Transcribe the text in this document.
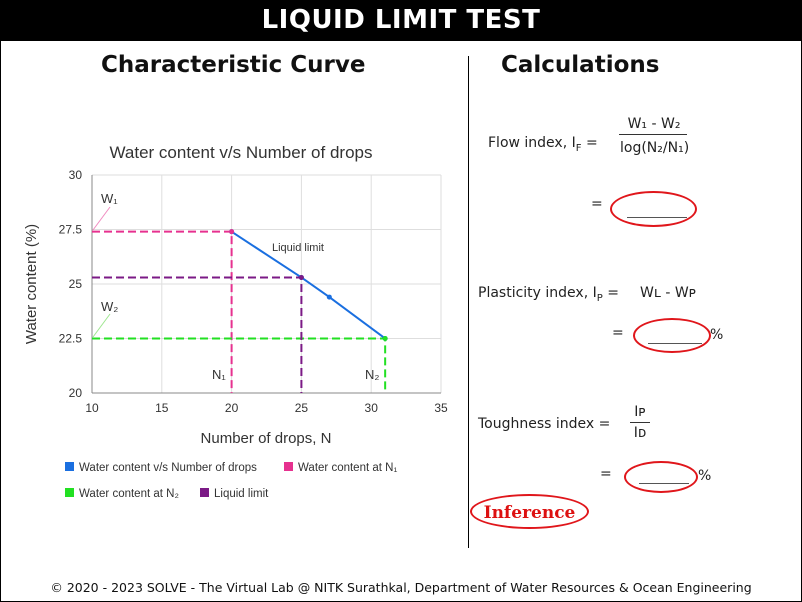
LIQUID LIMIT TEST
Characteristic Curve	Calculations
Water content v/s Number of drops
10	15	20	25	30	35
20
22.5
25
27.5
30
Number of drops, N
Water content (%)
W₁
W₂
N₁	N₂
Liquid limit
Water content v/s Number of drops	Water content at N₁
Water content at N₂	Liquid limit
Flow index, $I_F$ =
W₁ - W₂
log(N₂/N₁)
=
Plasticity index, $I_P$ = Wʟ - Wᴘ
=	%
Toughness index =
Iᴘ
Iᴅ
=	%
Inference
© 2020 - 2023 SOLVE - The Virtual Lab @ NITK Surathkal, Department of Water Resources & Ocean Engineering
